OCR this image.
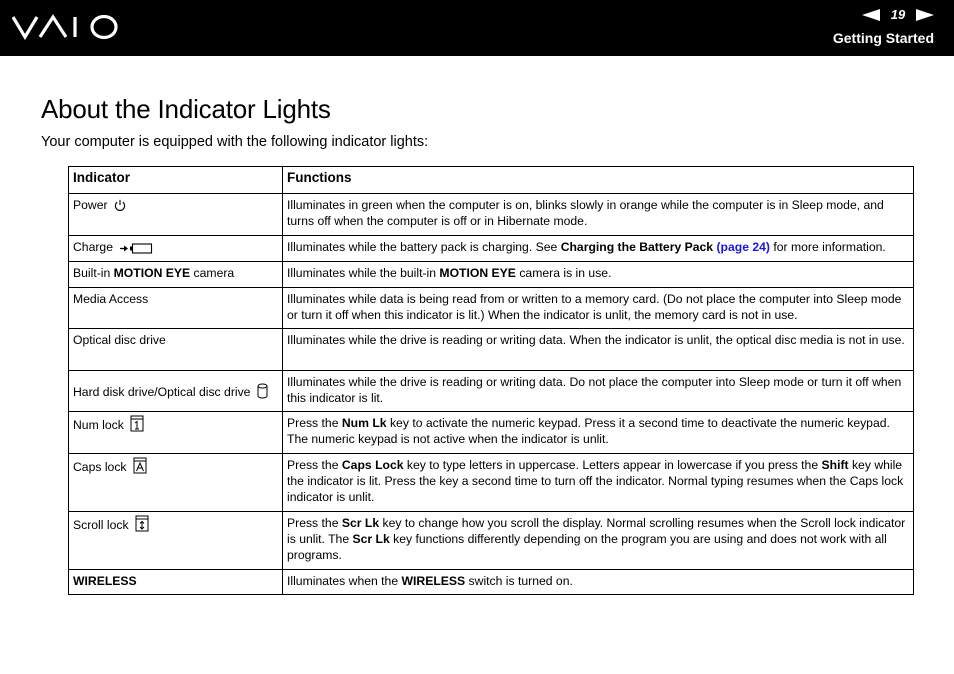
19
Getting Started
About the Indicator Lights

Your computer is equipped with the following indicator lights:

Indicator	Functions
Power	Illuminates in green when the computer is on, blinks slowly in orange while the computer is in Sleep mode, and turns off when the computer is off or in Hibernate mode.
Charge	Illuminates while the battery pack is charging. See Charging the Battery Pack (page 24) for more information.
Built-in MOTION EYE camera	Illuminates while the built-in MOTION EYE camera is in use.
Media Access	Illuminates while data is being read from or written to a memory card. (Do not place the computer into Sleep mode or turn it off when this indicator is lit.) When the indicator is unlit, the memory card is not in use.
Optical disc drive	Illuminates while the drive is reading or writing data. When the indicator is unlit, the optical disc media is not in use.
Hard disk drive/Optical disc drive	Illuminates while the drive is reading or writing data. Do not place the computer into Sleep mode or turn it off when this indicator is lit.
Num lock	Press the Num Lk key to activate the numeric keypad. Press it a second time to deactivate the numeric keypad. The numeric keypad is not active when the indicator is unlit.
Caps lock	Press the Caps Lock key to type letters in uppercase. Letters appear in lowercase if you press the Shift key while the indicator is lit. Press the key a second time to turn off the indicator. Normal typing resumes when the Caps lock indicator is unlit.
Scroll lock	Press the Scr Lk key to change how you scroll the display. Normal scrolling resumes when the Scroll lock indicator is unlit. The Scr Lk key functions differently depending on the program you are using and does not work with all programs.
WIRELESS	Illuminates when the WIRELESS switch is turned on.
